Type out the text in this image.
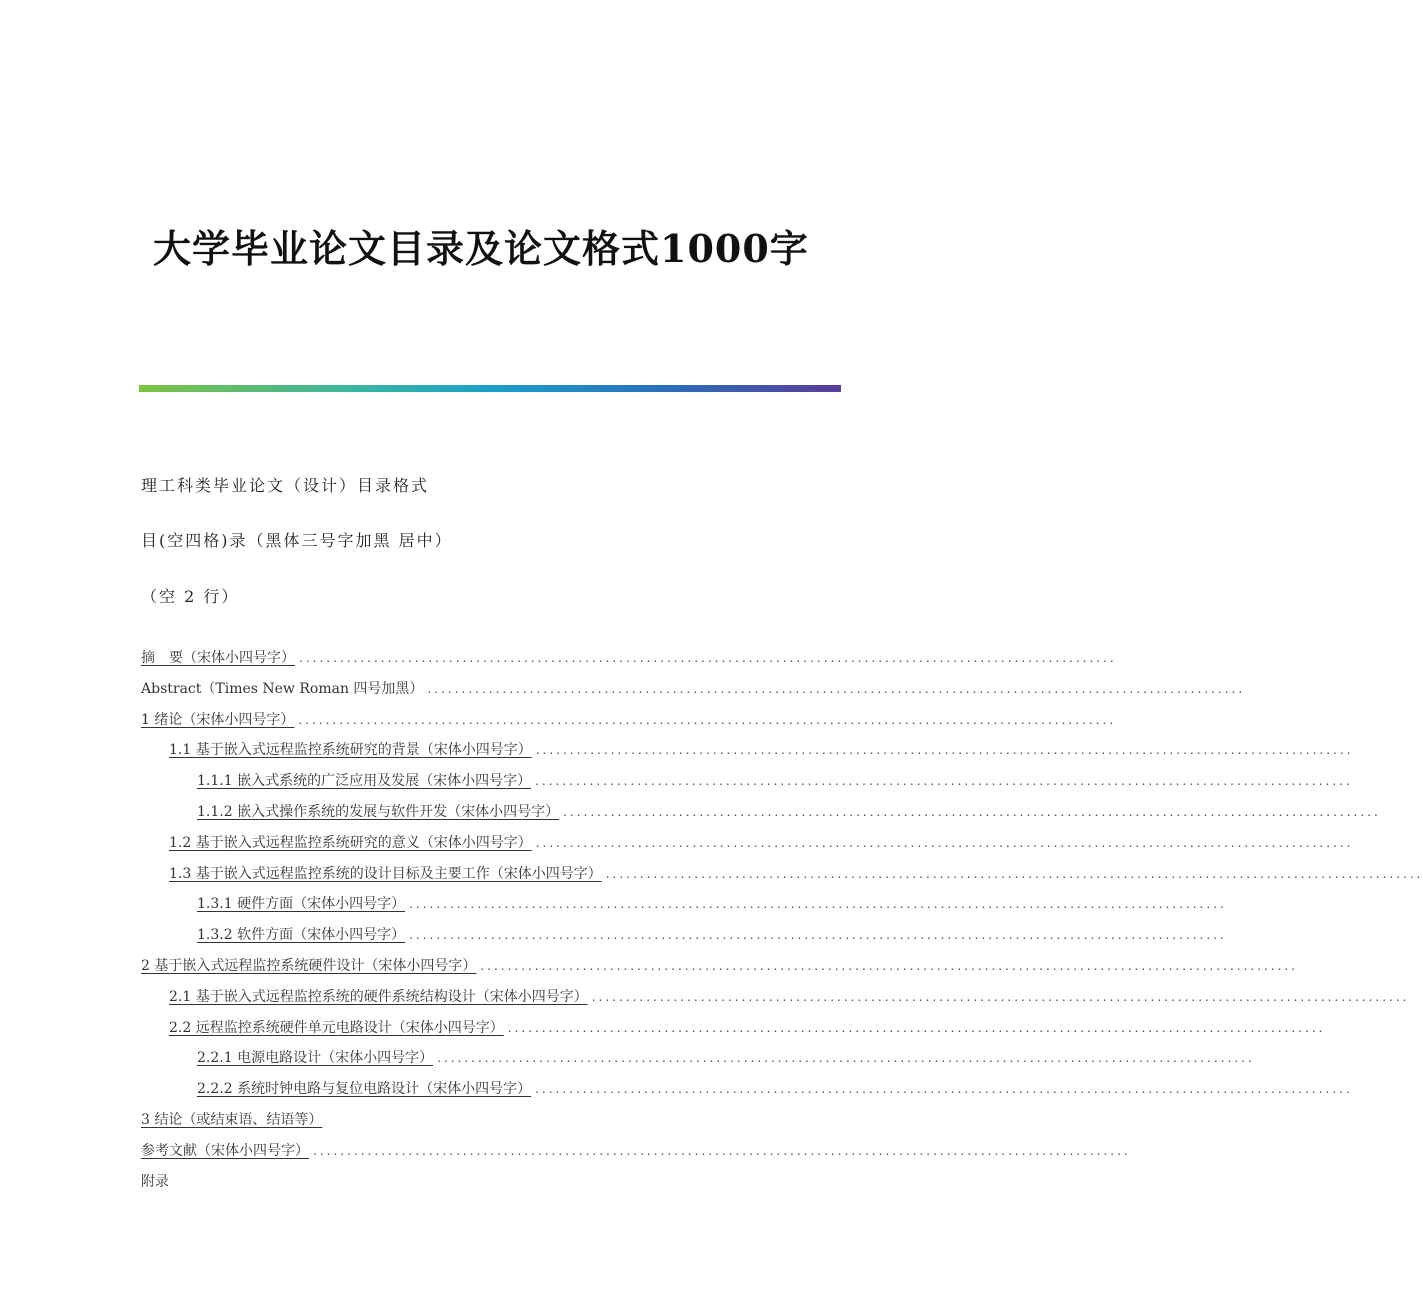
大学毕业论文目录及论文格式1000字
理工科类毕业论文（设计）目录格式
目(空四格)录（黑体三号字加黑 居中）
（空 2 行）
摘　要（宋体小四号字） ........................................................................................................................
Abstract（Times New Roman 四号加黑） ........................................................................................................................
1 绪论（宋体小四号字） ........................................................................................................................
1.1 基于嵌入式远程监控系统研究的背景（宋体小四号字） ........................................................................................................................
1.1.1 嵌入式系统的广泛应用及发展（宋体小四号字） ........................................................................................................................
1.1.2 嵌入式操作系统的发展与软件开发（宋体小四号字） ........................................................................................................................
1.2 基于嵌入式远程监控系统研究的意义（宋体小四号字） ........................................................................................................................
1.3 基于嵌入式远程监控系统的设计目标及主要工作（宋体小四号字） ........................................................................................................................
1.3.1 硬件方面（宋体小四号字） ........................................................................................................................
1.3.2 软件方面（宋体小四号字） ........................................................................................................................
2 基于嵌入式远程监控系统硬件设计（宋体小四号字） ........................................................................................................................
2.1 基于嵌入式远程监控系统的硬件系统结构设计（宋体小四号字） ........................................................................................................................
2.2 远程监控系统硬件单元电路设计（宋体小四号字） ........................................................................................................................
2.2.1 电源电路设计（宋体小四号字） ........................................................................................................................
2.2.2 系统时钟电路与复位电路设计（宋体小四号字） ........................................................................................................................
3 结论（或结束语、结语等）
参考文献（宋体小四号字） ........................................................................................................................
附录
